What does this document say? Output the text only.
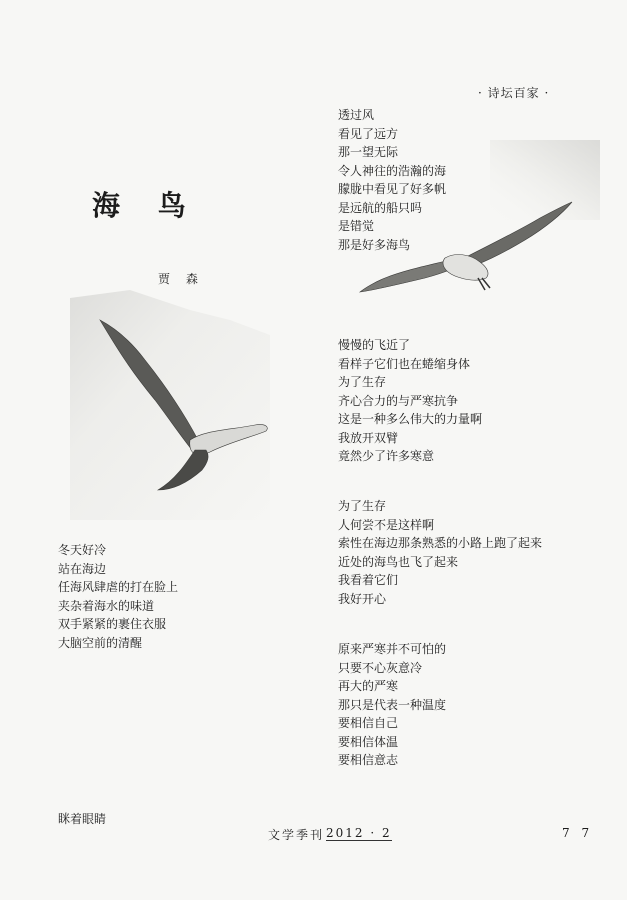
· 诗坛百家 ·
海 鸟
贾 森
透过风
看见了远方
那一望无际
令人神往的浩瀚的海
朦胧中看见了好多帆
是远航的船只吗
是错觉
那是好多海鸟
慢慢的飞近了
看样子它们也在蜷缩身体
为了生存
齐心合力的与严寒抗争
这是一种多么伟大的力量啊
我放开双臂
竟然少了许多寒意
为了生存
人何尝不是这样啊
索性在海边那条熟悉的小路上跑了起来
近处的海鸟也飞了起来
我看着它们
我好开心
原来严寒并不可怕的
只要不心灰意冷
再大的严寒
那只是代表一种温度
要相信自己
要相信体温
要相信意志
冬天好冷
站在海边
任海风肆虐的打在脸上
夹杂着海水的味道
双手紧紧的裹住衣服
大脑空前的清醒
眯着眼睛
文学季刊 2012 · 2	7 7
